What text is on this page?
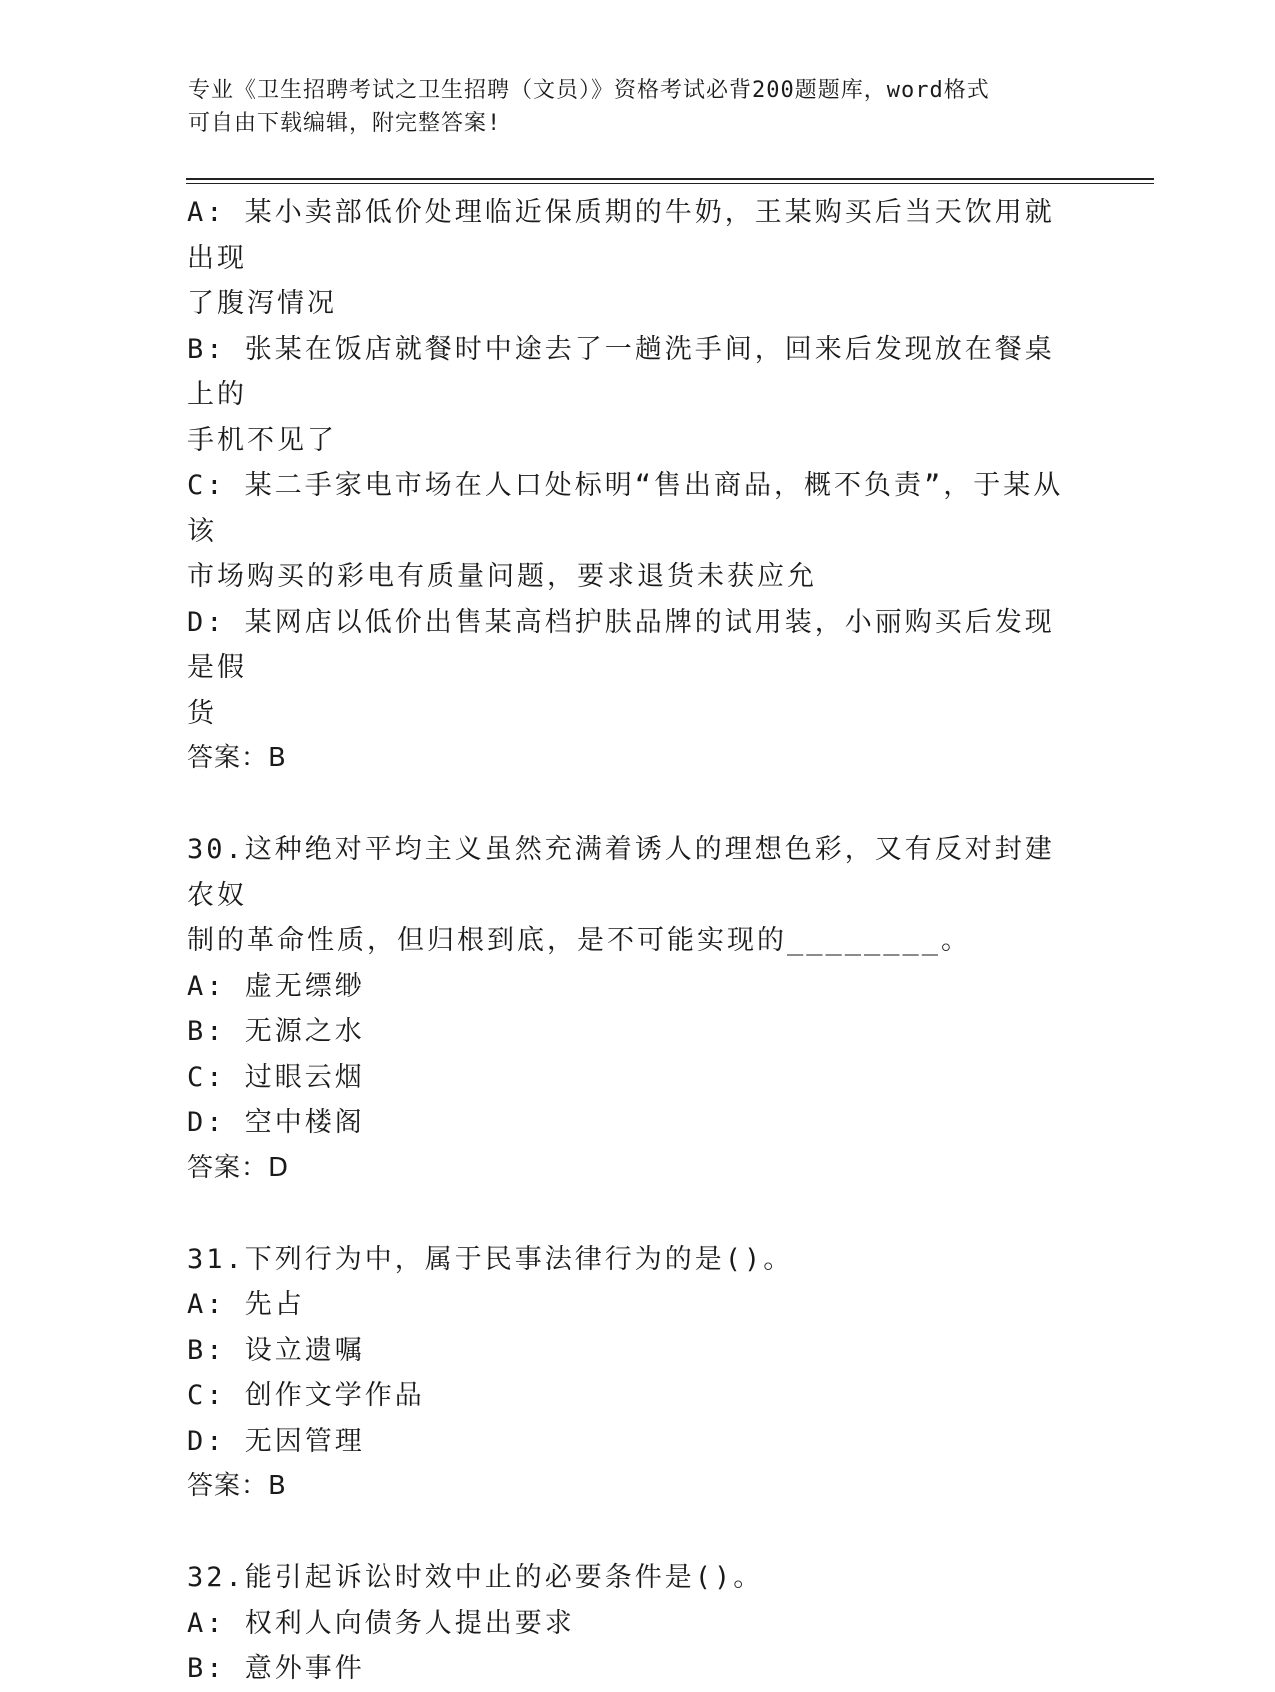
专业《卫生招聘考试之卫生招聘（文员）》资格考试必背200题题库，word格式
可自由下载编辑，附完整答案!

A: 某小卖部低价处理临近保质期的牛奶，王某购买后当天饮用就出现

了腹泻情况

B: 张某在饭店就餐时中途去了一趟洗手间，回来后发现放在餐桌上的

手机不见了

C: 某二手家电市场在人口处标明“售出商品，概不负责”，于某从该

市场购买的彩电有质量问题，要求退货未获应允

D: 某网店以低价出售某高档护肤品牌的试用装，小丽购买后发现是假

货

答案：B

30.这种绝对平均主义虽然充满着诱人的理想色彩，又有反对封建农奴

制的革命性质，但归根到底，是不可能实现的________。

A: 虚无缥缈

B: 无源之水

C: 过眼云烟

D: 空中楼阁

答案：D

31.下列行为中，属于民事法律行为的是()。

A: 先占

B: 设立遗嘱

C: 创作文学作品

D: 无因管理

答案：B

32.能引起诉讼时效中止的必要条件是()。

A: 权利人向债务人提出要求

B: 意外事件
